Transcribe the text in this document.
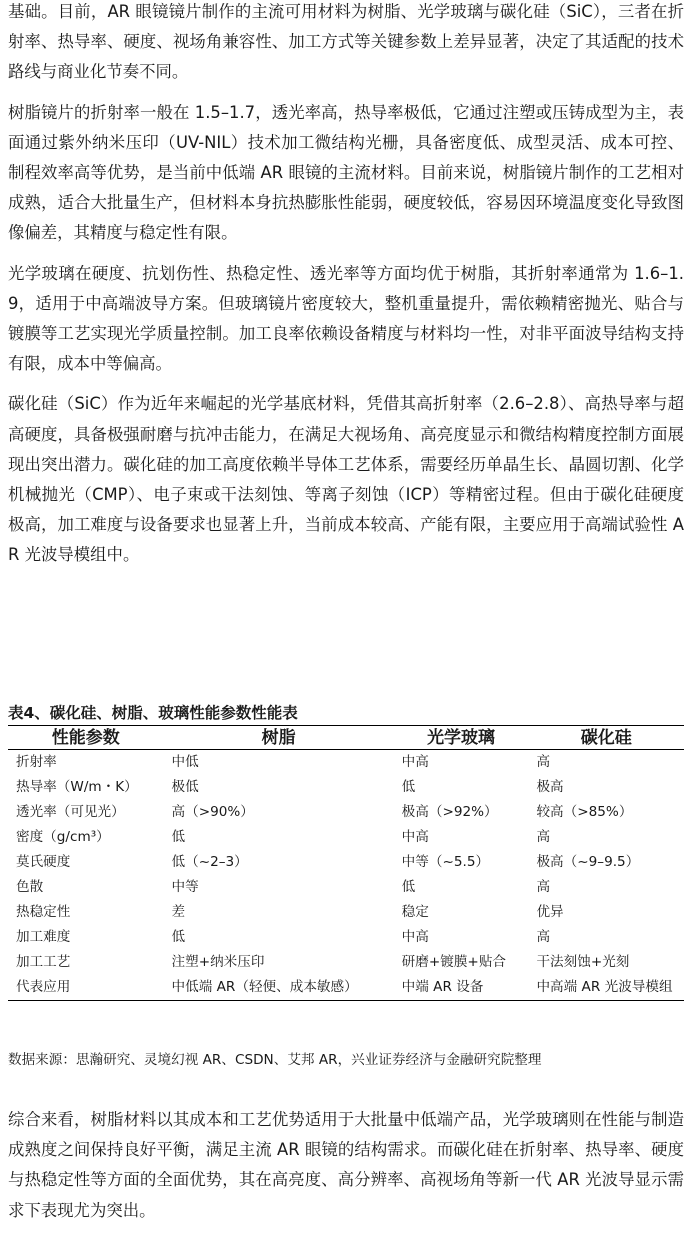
基础。目前，AR 眼镜镜片制作的主流可用材料为树脂、光学玻璃与碳化硅（SiC），三者在折射率、热导率、硬度、视场角兼容性、加工方式等关键参数上差异显著，决定了其适配的技术路线与商业化节奏不同。

树脂镜片的折射率一般在 1.5–1.7，透光率高，热导率极低，它通过注塑或压铸成型为主，表面通过紫外纳米压印（UV-NIL）技术加工微结构光栅，具备密度低、成型灵活、成本可控、制程效率高等优势，是当前中低端 AR 眼镜的主流材料。目前来说，树脂镜片制作的工艺相对成熟，适合大批量生产，但材料本身抗热膨胀性能弱，硬度较低，容易因环境温度变化导致图像偏差，其精度与稳定性有限。

光学玻璃在硬度、抗划伤性、热稳定性、透光率等方面均优于树脂，其折射率通常为 1.6–1.9，适用于中高端波导方案。但玻璃镜片密度较大，整机重量提升，需依赖精密抛光、贴合与镀膜等工艺实现光学质量控制。加工良率依赖设备精度与材料均一性，对非平面波导结构支持有限，成本中等偏高。

碳化硅（SiC）作为近年来崛起的光学基底材料，凭借其高折射率（2.6–2.8）、高热导率与超高硬度，具备极强耐磨与抗冲击能力，在满足大视场角、高亮度显示和微结构精度控制方面展现出突出潜力。碳化硅的加工高度依赖半导体工艺体系，需要经历单晶生长、晶圆切割、化学机械抛光（CMP）、电子束或干法刻蚀、等离子刻蚀（ICP）等精密过程。但由于碳化硅硬度极高，加工难度与设备要求也显著上升，当前成本较高、产能有限，主要应用于高端试验性 AR 光波导模组中。

表4、碳化硅、树脂、玻璃性能参数性能表
性能参数	树脂	光学玻璃	碳化硅
折射率	中低	中高	高
热导率（W/m・K）	极低	低	极高
透光率（可见光）	高（>90%）	极高（>92%）	较高（>85%）
密度（g/cm³）	低	中高	高
莫氏硬度	低（~2–3）	中等（~5.5）	极高（~9–9.5）
色散	中等	低	高
热稳定性	差	稳定	优异
加工难度	低	中高	高
加工工艺	注塑+纳米压印	研磨+镀膜+贴合	干法刻蚀+光刻
代表应用	中低端 AR（轻便、成本敏感）	中端 AR 设备	中高端 AR 光波导模组
数据来源：思瀚研究、灵境幻视 AR、CSDN、艾邦 AR，兴业证券经济与金融研究院整理

综合来看，树脂材料以其成本和工艺优势适用于大批量中低端产品，光学玻璃则在性能与制造成熟度之间保持良好平衡，满足主流 AR 眼镜的结构需求。而碳化硅在折射率、热导率、硬度与热稳定性等方面的全面优势，其在高亮度、高分辨率、高视场角等新一代 AR 光波导显示需求下表现尤为突出。
